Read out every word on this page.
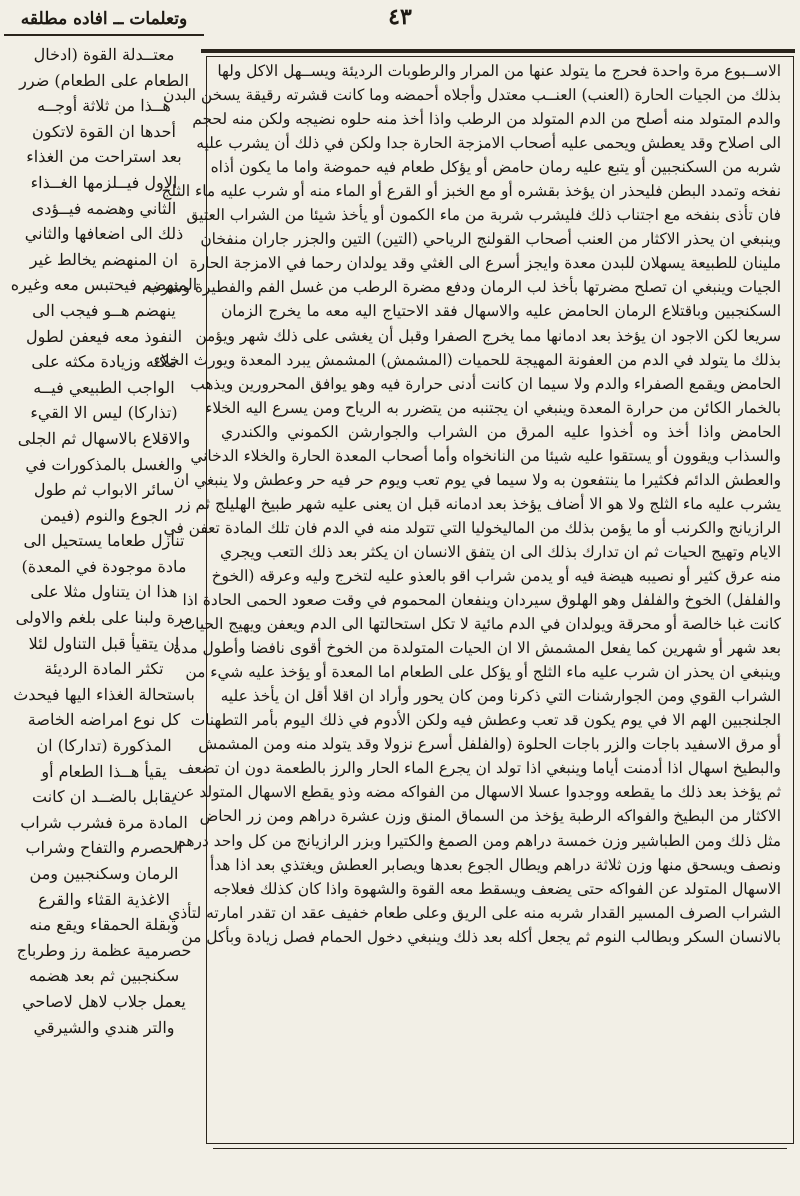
٤٣
وتعلمات ــ افاده مطلقه
معتــدلة القوة (ادخال
الطعام على الطعام) ضرر
هــذا من ثلاثة أوجــه
أحدها ان القوة لاتكون
بعد استراحت من الغذاء
الاول فيــلزمها الغــذاء
الثاني وهضمه فيــؤدى
ذلك الى اضعافها والثاني
ان المنهضم يخالط غير
المنهضم فيحتبس معه وغيره
ينهضم هــو فيجب الى
النفوذ معه فيعفن لطول
مكثه وزيادة مكثه على
الواجب الطبيعي فيــه
(تذاركا) ليس الا القيء
والاقلاع بالاسهال ثم الجلى
والغسل بالمذكورات في
سائر الابواب ثم طول
الجوع والنوم (فيمن
تنازل طعاما يستحيل الى
مادة موجودة في المعدة)
هذا ان يتناول مثلا على
مرة ولبنا على بلغم والاولى
ان يتقيأ قبل التناول لئلا
تكثر المادة الرديئة
باستحالة الغذاء اليها فيحدث
كل نوع امراضه الخاصة
المذكورة (تداركا) ان
يقيأ هــذا الطعام أو
يقابل بالضــد ان كانت
المادة مرة فشرب شراب
الحصرم والتفاح وشراب
الرمان وسكنجبين ومن
الاغذية القثاء والقرع
وبقلة الحمقاء ويقع منه
حصرمية عظمة رز وطرباج
سكنجبين ثم بعد هضمه
يعمل جلاب لاهل لاصاحي
والتر هندي والشيرقي
الاســبوع مرة واحدة فحرج ما يتولد عنها من المرار والرطوبات الرديئة ويســهل الاكل ولها
بذلك من الجيات الحارة (العنب) العنــب معتدل وأجلاه أحمضه وما كانت قشرته رقيقة يسخن البدن
والدم المتولد منه أصلح من الدم المتولد من الرطب واذا أخذ منه حلوه نضيجه ولكن منه لحجم
الى اصلاح وقد يعطش ويحمى عليه أصحاب الامزجة الحارة جدا ولكن في ذلك أن يشرب عليه
شربه من السكنجبين أو يتبع عليه رمان حامض أو يؤكل طعام فيه حموضة واما ما يكون أذاه
نفخه وتمدد البطن فليحذر ان يؤخذ بقشره أو مع الخبز أو القرع أو الماء منه أو شرب عليه ماء الثلج
فان تأذى بنفخه مع اجتناب ذلك فليشرب شربة من ماء الكمون أو يأخذ شيئا من الشراب العتيق
وينبغي ان يحذر الاكثار من العنب أصحاب القولنج الرياحي (التين) التين والجزر جاران منفخان
ملينان للطبيعة يسهلان للبدن معدة وايجز أسرع الى الغثي وقد يولدان رحما في الامزجة الحارة
الجيات وينبغي ان تصلح مضرتها بأخذ لب الرمان ودفع مضرة الرطب من غسل الفم والفطيرة وشرب
السكنجبين وباقتلاع الرمان الحامض عليه والاسهال فقد الاحتياج اليه معه ما يخرج الزمان
سريعا لكن الاجود ان يؤخذ بعد ادمانها مما يخرج الصفرا وقبل أن يغشى على ذلك شهر ويؤمن
بذلك ما يتولد في الدم من العفونة المهيجة للحميات (المشمش) المشمش يبرد المعدة ويورث الخلاء
الحامض ويقمع الصفراء والدم ولا سيما ان كانت أدنى حرارة فيه وهو يوافق المحرورين ويذهب
بالخمار الكائن من حرارة المعدة وينبغي ان يجتنبه من يتضرر به الرياح ومن يسرع اليه الخلاء
الحامض واذا أخذ وه أخذوا عليه المرق من الشراب والجوارشن الكموني والكندري
والسذاب ويقوون أو يستقوا عليه شيئا من النانخواه وأما أصحاب المعدة الحارة والخلاء الدخاني
والعطش الدائم فكثيرا ما ينتفعون به ولا سيما في يوم تعب ويوم حر فيه حر وعطش ولا ينبغي ان
يشرب عليه ماء الثلج ولا هو الا أضاف يؤخذ بعد ادمانه قبل ان يعنى عليه شهر طبيخ الهليلج ثم زر
الرازيانج والكرنب أو ما يؤمن بذلك من الماليخوليا التي تتولد منه في الدم فان تلك المادة تعفن في
الايام وتهيج الحيات ثم ان تدارك بذلك الى ان يتفق الانسان ان يكثر بعد ذلك التعب ويجري
منه عرق كثير أو نصيبه هيضة فيه أو يدمن شراب اقو بالعذو عليه لتخرج وليه وعرقه (الخوخ
والفلفل) الخوخ والفلفل وهو الهلوق سيردان وينفعان المحموم في وقت صعود الحمى الحادة اذا
كانت غبا خالصة أو محرقة ويولدان في الدم مائية لا تكل استحالتها الى الدم ويعفن ويهيج الحيات
بعد شهر أو شهرين كما يفعل المشمش الا ان الحيات المتولدة من الخوخ أقوى نافضا وأطول مدة
وينبغي ان يحذر ان شرب عليه ماء الثلج أو يؤكل على الطعام اما المعدة أو يؤخذ عليه شيء من
الشراب القوي ومن الجوارشنات التي ذكرنا ومن كان يحور وأراد ان اقلا أقل ان يأخذ عليه
الجلنجبين الهم الا في يوم يكون قد تعب وعطش فيه ولكن الأدوم في ذلك اليوم بأمر التطهنات
أو مرق الاسفيد باجات والزر باجات الحلوة (والفلفل أسرع نزولا وقد يتولد منه ومن المشمش
والبطيخ اسهال اذا أدمنت أياما وينبغي اذا تولد ان يجرع الماء الحار والرز بالطعمة دون ان تضعف
ثم يؤخذ بعد ذلك ما يقطعه ووجدوا عسلا الاسهال من الفواكه مضه وذو يقطع الاسهال المتولد عن
الاكثار من البطيخ والفواكه الرطبة يؤخذ من السماق المنق وزن عشرة دراهم ومن زر الحاض
مثل ذلك ومن الطباشير وزن خمسة دراهم ومن الصمغ والكتيرا وبزر الرازيانج من كل واحد درهم
ونصف ويسحق منها وزن ثلاثة دراهم ويطال الجوع بعدها ويصابر العطش ويغتذي بعد اذا هدأ
الاسهال المتولد عن الفواكه حتى يضعف ويسقط معه القوة والشهوة واذا كان كذلك فعلاجه
الشراب الصرف المسير القدار شربه منه على الريق وعلى طعام خفيف عقد ان تقدر امارته لتأذي
بالانسان السكر وبطالب النوم ثم يجعل أكله بعد ذلك وينبغي دخول الحمام فصل زيادة وبأكل من
